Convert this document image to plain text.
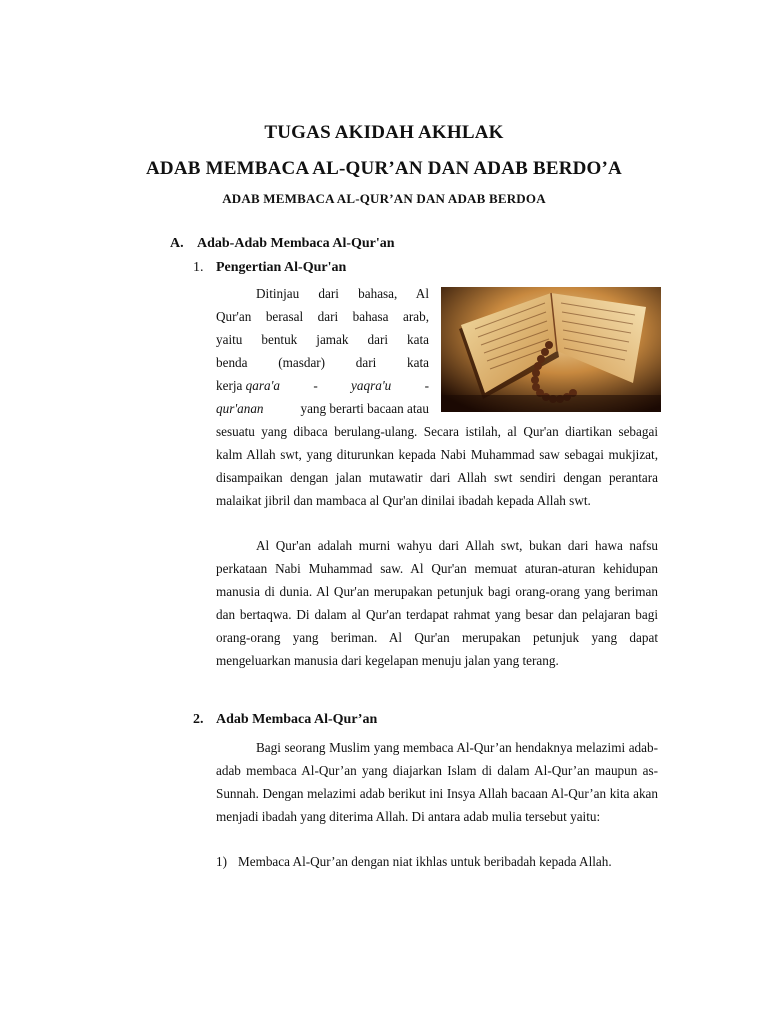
TUGAS AKIDAH AKHLAK
ADAB MEMBACA AL-QUR’AN DAN ADAB BERDO’A
ADAB MEMBACA AL-QUR’AN DAN ADAB BERDOA
A. Adab-Adab Membaca Al-Qur'an
1. Pengertian Al-Qur'an
Ditinjau dari bahasa, Al
Qur'an berasal dari bahasa arab,
yaitu bentuk jamak dari kata
benda (masdar) dari kata
kerja qara'a	-	yaqra'u	-
qur'anan	yang berarti bacaan atau
sesuatu yang dibaca berulang-ulang. Secara istilah, al Qur'an diartikan sebagai kalm Allah swt, yang diturunkan kepada Nabi Muhammad saw sebagai mukjizat, disampaikan dengan jalan mutawatir dari Allah swt sendiri dengan perantara malaikat jibril dan mambaca al Qur'an dinilai ibadah kepada Allah swt.
Al Qur'an adalah murni wahyu dari Allah swt, bukan dari hawa nafsu perkataan Nabi Muhammad saw. Al Qur'an memuat aturan-aturan kehidupan manusia di dunia. Al Qur'an merupakan petunjuk bagi orang-orang yang beriman dan bertaqwa. Di dalam al Qur'an terdapat rahmat yang besar dan pelajaran bagi orang-orang yang beriman. Al Qur'an merupakan petunjuk yang dapat mengeluarkan manusia dari kegelapan menuju jalan yang terang.
2. Adab Membaca Al-Qur’an
Bagi seorang Muslim yang membaca Al-Qur’an hendaknya melazimi adab-adab membaca Al-Qur’an yang diajarkan Islam di dalam Al-Qur’an maupun as-Sunnah. Dengan melazimi adab berikut ini Insya Allah bacaan Al-Qur’an kita akan menjadi ibadah yang diterima Allah. Di antara adab mulia tersebut yaitu:
1) Membaca Al-Qur’an dengan niat ikhlas untuk beribadah kepada Allah.
